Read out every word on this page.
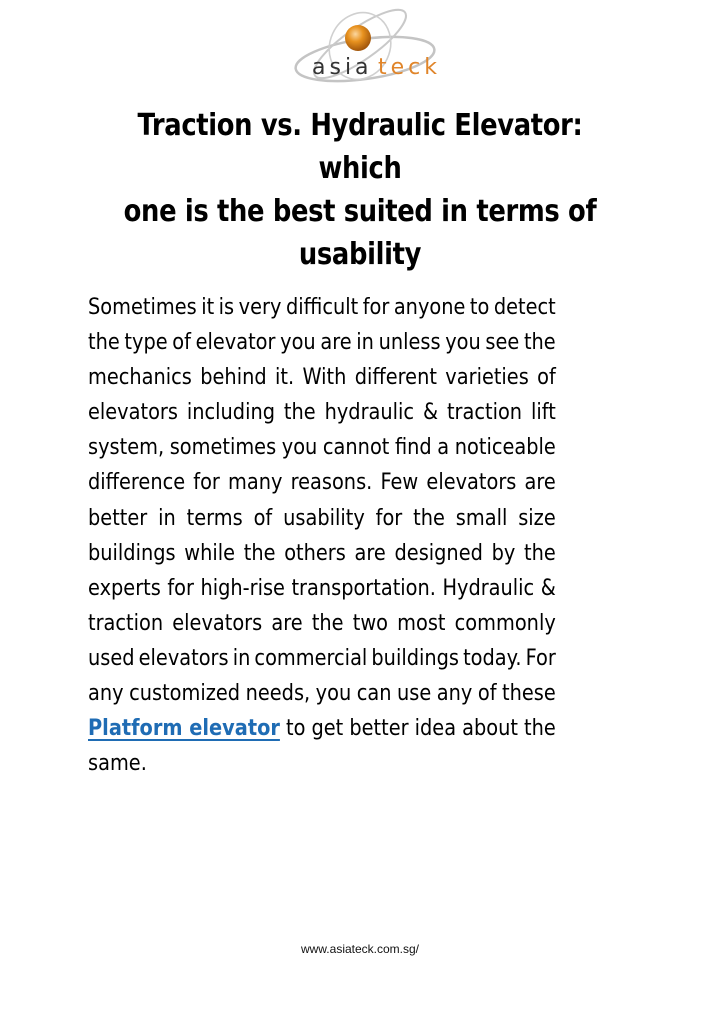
asia teck
Traction vs. Hydraulic Elevator: which
one is the best suited in terms of
usability
Sometimes it is very difficult for anyone to detect
the type of elevator you are in unless you see the
mechanics behind it. With different varieties of
elevators including the hydraulic & traction lift
system, sometimes you cannot find a noticeable
difference for many reasons. Few elevators are
better in terms of usability for the small size
buildings while the others are designed by the
experts for high-rise transportation. Hydraulic &
traction elevators are the two most commonly
used elevators in commercial buildings today. For
any customized needs, you can use any of these
Platform elevator to get better idea about the
same.
www.asiateck.com.sg/
